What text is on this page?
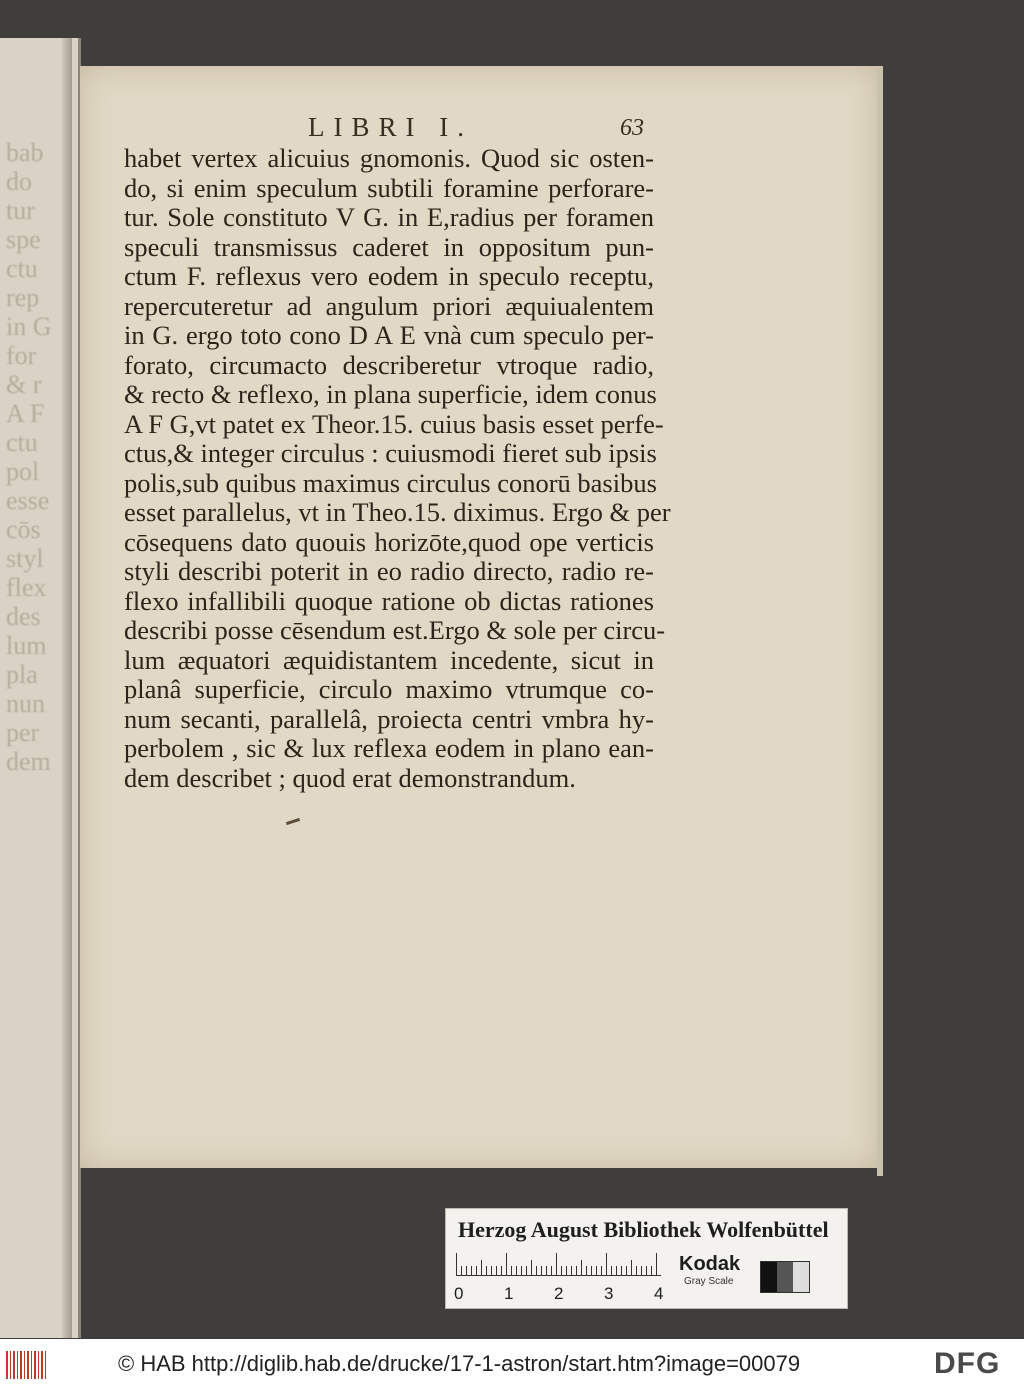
bab
do
tur
spe
ctu
rep
in G
for
& r
A F
ctu
pol
esse
cōs
styl
flex
des
lum
pla
nun
per
dem
LIBRI I.	63
habet vertex alicuius gnomonis. Quod sic osten-
do, si enim speculum subtili foramine perforare-
tur. Sole constituto V G. in E,radius per foramen
speculi transmissus caderet in oppositum pun-
ctum F. reflexus vero eodem in speculo receptu,
repercuteretur ad angulum priori æquiualentem
in G. ergo toto cono D A E vnà cum speculo per-
forato, circumacto describeretur vtroque radio,
& recto & reflexo, in plana superficie, idem conus
A F G,vt patet ex Theor.15. cuius basis esset perfe-
ctus,& integer circulus : cuiusmodi fieret sub ipsis
polis,sub quibus maximus circulus conorū basibus
esset parallelus, vt in Theo.15. diximus. Ergo & per
cōsequens dato quouis horizōte,quod ope verticis
styli describi poterit in eo radio directo, radio re-
flexo infallibili quoque ratione ob dictas rationes
describi posse cēsendum est.Ergo & sole per circu-
lum æquatori æquidistantem incedente, sicut in
planâ superficie, circulo maximo vtrumque co-
num secanti, parallelâ, proiecta centri vmbra hy-
perbolem , sic & lux reflexa eodem in plano ean-
dem describet ; quod erat demonstrandum.
Herzog August Bibliothek Wolfenbüttel
0 1 2 3 4
Kodak
Gray Scale
© HAB http://diglib.hab.de/drucke/17-1-astron/start.htm?image=00079	DFG
